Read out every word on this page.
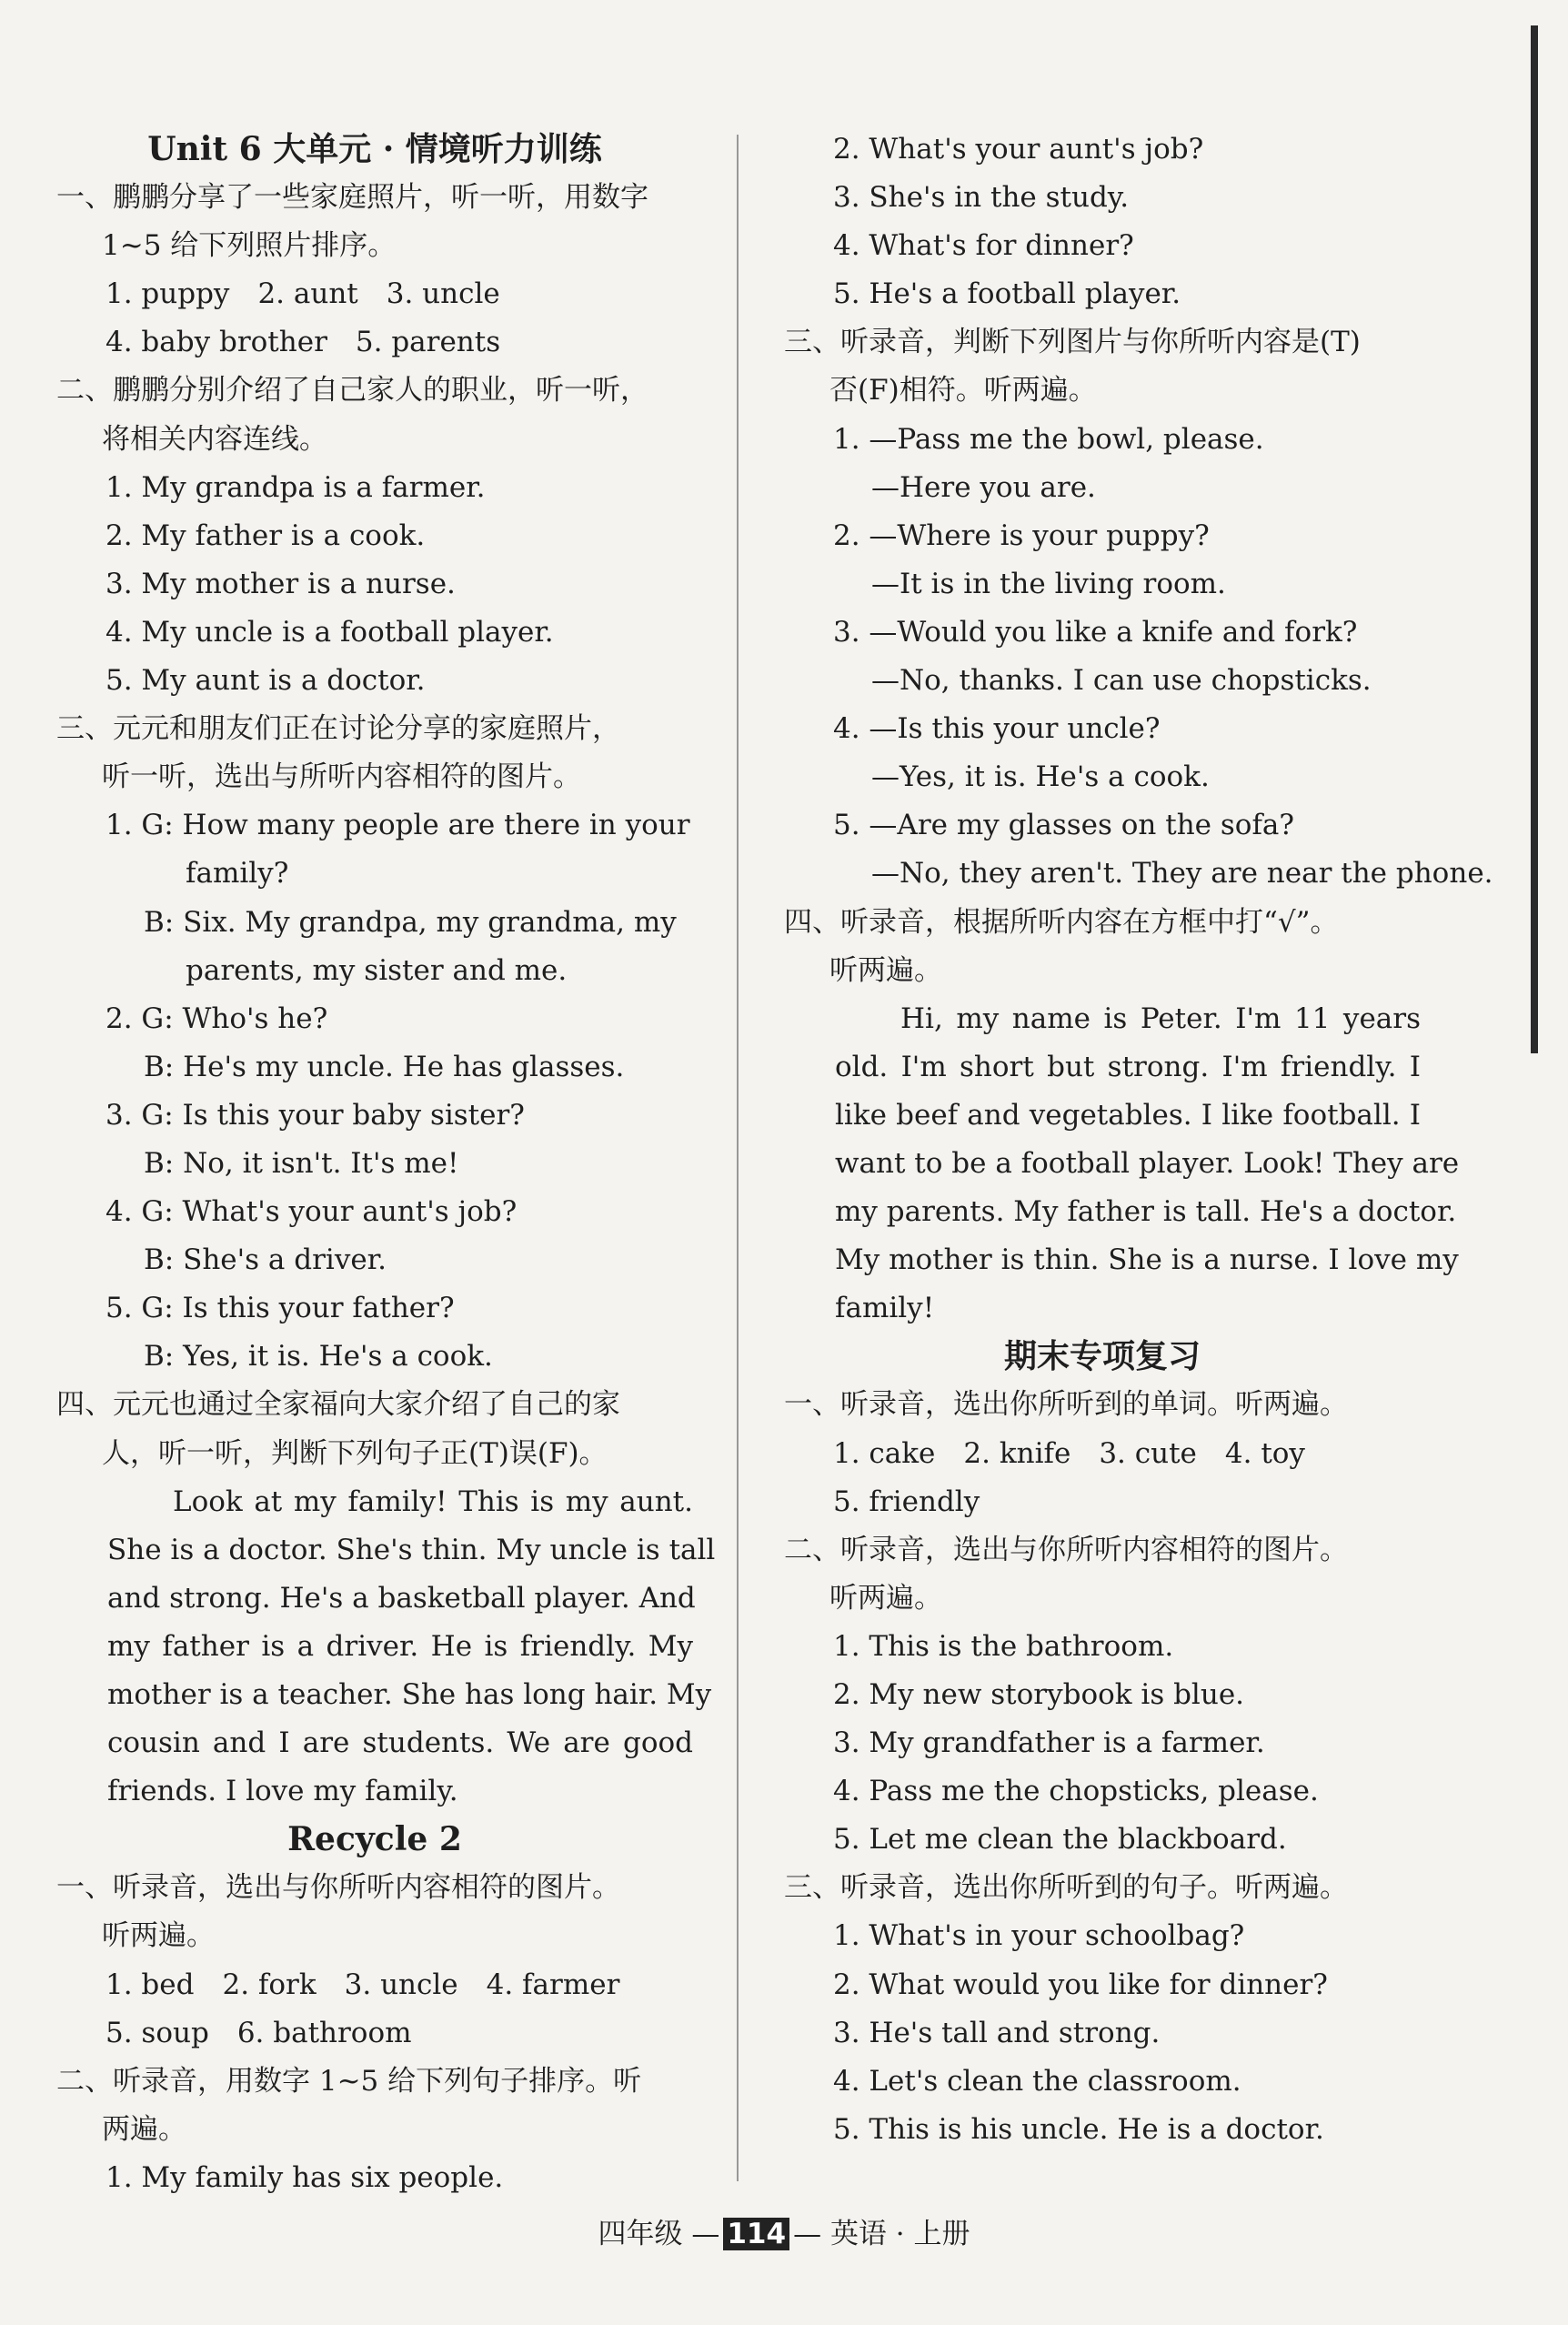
Unit 6 大单元 · 情境听力训练
一、鹏鹏分享了一些家庭照片，听一听，用数字
1~5 给下列照片排序。
1. puppy　2. aunt　3. uncle
4. baby brother　5. parents
二、鹏鹏分别介绍了自己家人的职业，听一听，
将相关内容连线。
1. My grandpa is a farmer.
2. My father is a cook.
3. My mother is a nurse.
4. My uncle is a football player.
5. My aunt is a doctor.
三、元元和朋友们正在讨论分享的家庭照片，
听一听，选出与所听内容相符的图片。
1. G: How many people are there in your
family?
B: Six. My grandpa, my grandma, my
parents, my sister and me.
2. G: Who's he?
B: He's my uncle. He has glasses.
3. G: Is this your baby sister?
B: No, it isn't. It's me!
4. G: What's your aunt's job?
B: She's a driver.
5. G: Is this your father?
B: Yes, it is. He's a cook.
四、元元也通过全家福向大家介绍了自己的家
人，听一听，判断下列句子正(T)误(F)。
Look at my family! This is my aunt.
She is a doctor. She's thin. My uncle is tall
and strong. He's a basketball player. And
my father is a driver. He is friendly. My
mother is a teacher. She has long hair. My
cousin and I are students. We are good
friends. I love my family.
Recycle 2
一、听录音，选出与你所听内容相符的图片。
听两遍。
1. bed　2. fork　3. uncle　4. farmer
5. soup　6. bathroom
二、听录音，用数字 1~5 给下列句子排序。听
两遍。
1. My family has six people.
2. What's your aunt's job?
3. She's in the study.
4. What's for dinner?
5. He's a football player.
三、听录音，判断下列图片与你所听内容是(T)
否(F)相符。听两遍。
1. —Pass me the bowl, please.
—Here you are.
2. —Where is your puppy?
—It is in the living room.
3. —Would you like a knife and fork?
—No, thanks. I can use chopsticks.
4. —Is this your uncle?
—Yes, it is. He's a cook.
5. —Are my glasses on the sofa?
—No, they aren't. They are near the phone.
四、听录音，根据所听内容在方框中打“√”。
听两遍。
Hi, my name is Peter. I'm 11 years
old. I'm short but strong. I'm friendly. I
like beef and vegetables. I like football. I
want to be a football player. Look! They are
my parents. My father is tall. He's a doctor.
My mother is thin. She is a nurse. I love my
family!
期末专项复习
一、听录音，选出你所听到的单词。听两遍。
1. cake　2. knife　3. cute　4. toy
5. friendly
二、听录音，选出与你所听内容相符的图片。
听两遍。
1. This is the bathroom.
2. My new storybook is blue.
3. My grandfather is a farmer.
4. Pass me the chopsticks, please.
5. Let me clean the blackboard.
三、听录音，选出你所听到的句子。听两遍。
1. What's in your schoolbag?
2. What would you like for dinner?
3. He's tall and strong.
4. Let's clean the classroom.
5. This is his uncle. He is a doctor.
四年级 — 114 — 英语 · 上册
